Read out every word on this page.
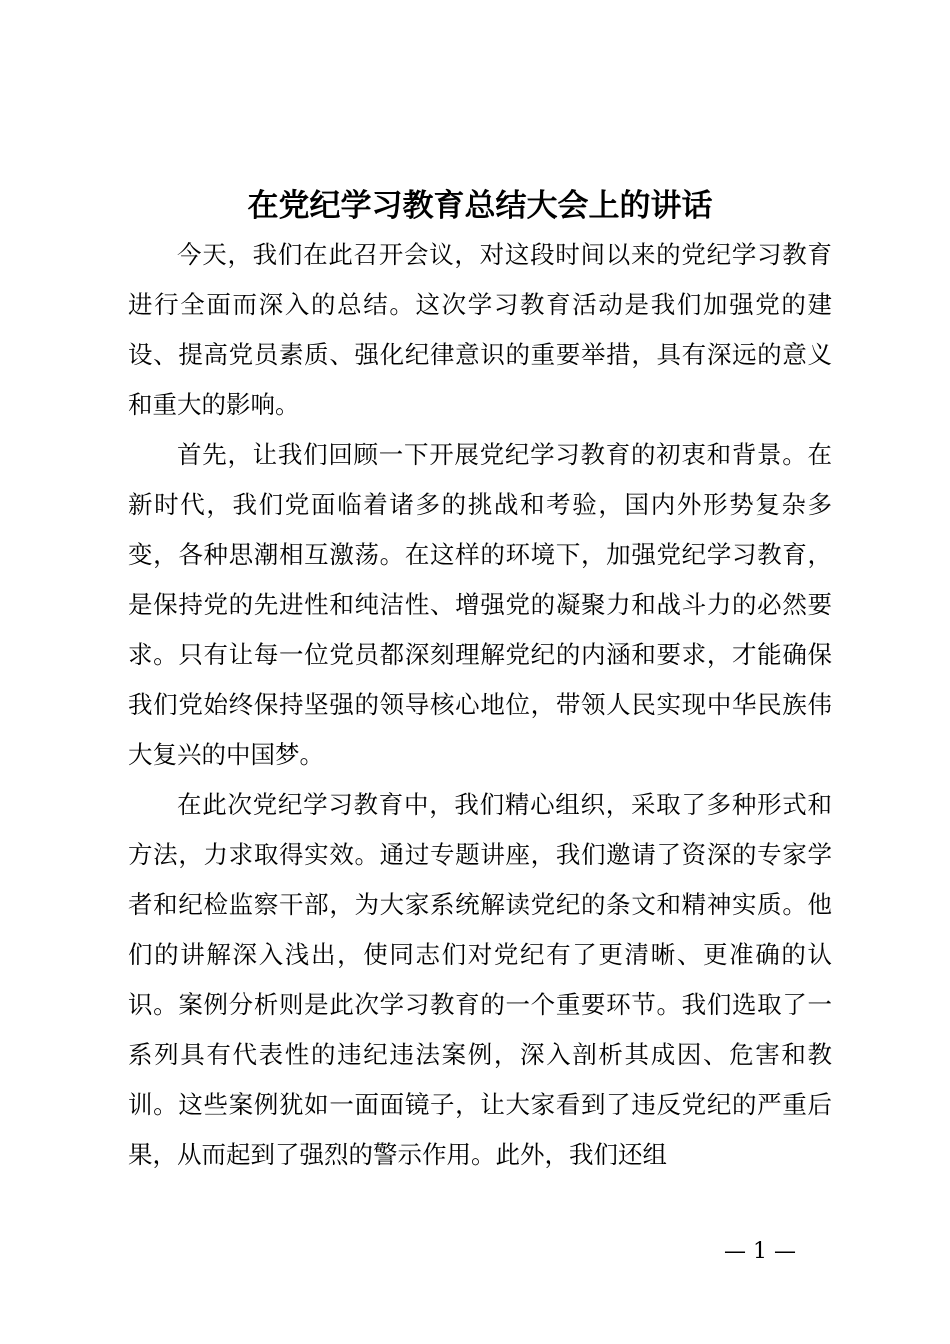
在党纪学习教育总结大会上的讲话

今天，我们在此召开会议，对这段时间以来的党纪学习教育进行全面而深入的总结。这次学习教育活动是我们加强党的建设、提高党员素质、强化纪律意识的重要举措，具有深远的意义和重大的影响。

首先，让我们回顾一下开展党纪学习教育的初衷和背景。在新时代，我们党面临着诸多的挑战和考验，国内外形势复杂多变，各种思潮相互激荡。在这样的环境下，加强党纪学习教育，是保持党的先进性和纯洁性、增强党的凝聚力和战斗力的必然要求。只有让每一位党员都深刻理解党纪的内涵和要求，才能确保我们党始终保持坚强的领导核心地位，带领人民实现中华民族伟大复兴的中国梦。

在此次党纪学习教育中，我们精心组织，采取了多种形式和方法，力求取得实效。通过专题讲座，我们邀请了资深的专家学者和纪检监察干部，为大家系统解读党纪的条文和精神实质。他们的讲解深入浅出，使同志们对党纪有了更清晰、更准确的认识。案例分析则是此次学习教育的一个重要环节。我们选取了一系列具有代表性的违纪违法案例，深入剖析其成因、危害和教训。这些案例犹如一面面镜子，让大家看到了违反党纪的严重后果，从而起到了强烈的警示作用。此外，我们还组

— 1 —
